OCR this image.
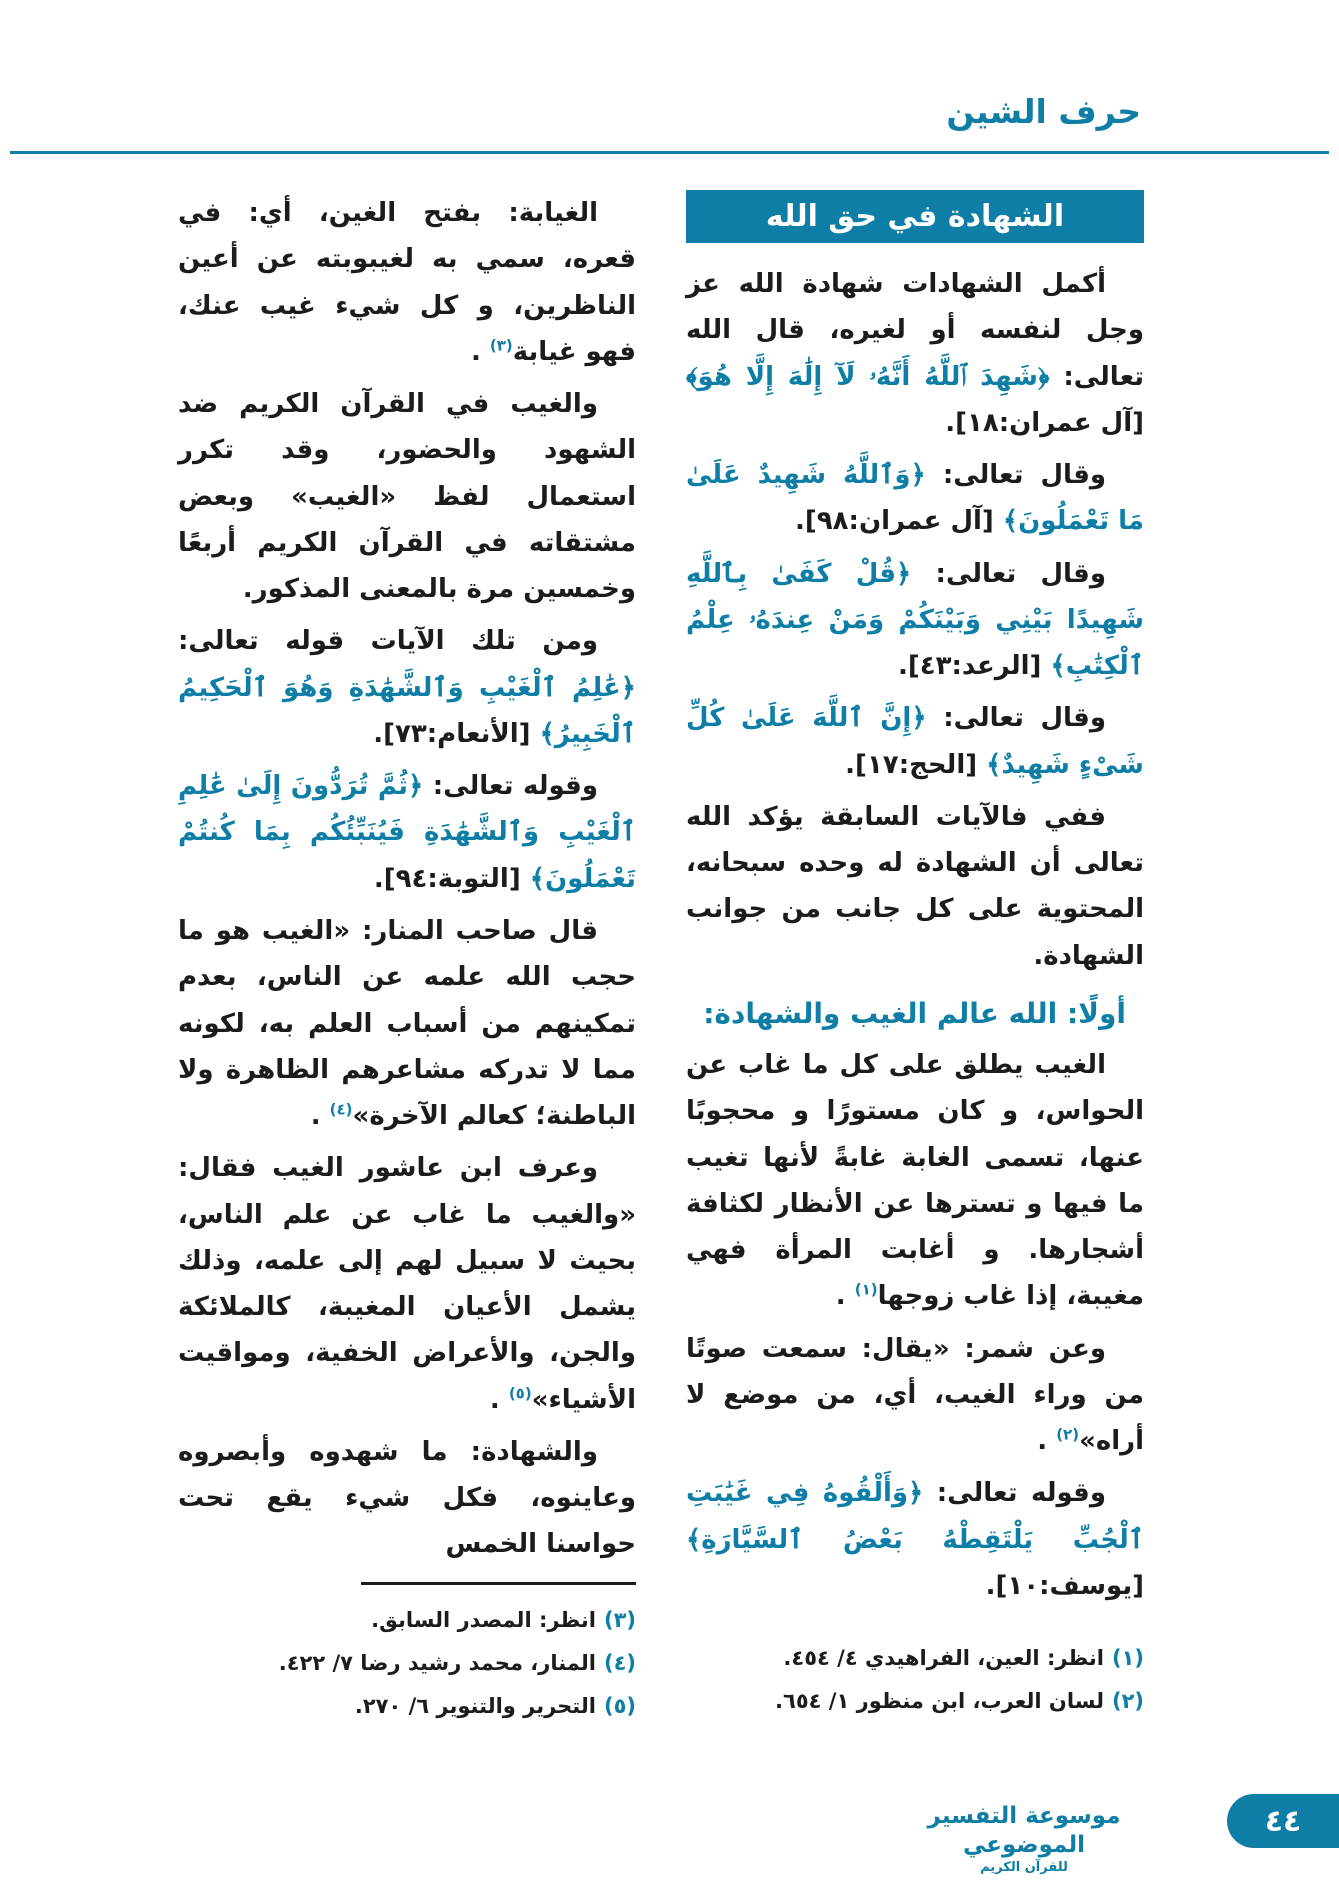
حرف الشين
الشهادة في حق الله

أكمل الشهادات شهادة الله عز وجل لنفسه أو لغيره، قال الله تعالى: ﴿شَهِدَ ٱللَّهُ أَنَّهُۥ لَآ إِلَٰهَ إِلَّا هُوَ﴾ [آل عمران:١٨].

وقال تعالى: ﴿وَٱللَّهُ شَهِيدٌ عَلَىٰ مَا تَعْمَلُونَ﴾ [آل عمران:٩٨].

وقال تعالى: ﴿قُلْ كَفَىٰ بِٱللَّهِ شَهِيدًا بَيْنِي وَبَيْنَكُمْ وَمَنْ عِندَهُۥ عِلْمُ ٱلْكِتَٰبِ﴾ [الرعد:٤٣].

وقال تعالى: ﴿إِنَّ ٱللَّهَ عَلَىٰ كُلِّ شَىْءٍ شَهِيدٌ﴾ [الحج:١٧].

ففي فالآيات السابقة يؤكد الله تعالى أن الشهادة له وحده سبحانه، المحتوية على كل جانب من جوانب الشهادة.

أولًا: الله عالم الغيب والشهادة:

الغيب يطلق على كل ما غاب عن الحواس، و كان مستورًا و محجوبًا عنها، تسمى الغابة غابةً لأنها تغيب ما فيها و تسترها عن الأنظار لكثافة أشجارها. و أغابت المرأة فهي مغيبة، إذا غاب زوجها$^{(١)}$ .

وعن شمر: «يقال: سمعت صوتًا من وراء الغيب، أي، من موضع لا أراه»$^{(٢)}$ .

وقوله تعالى: ﴿وَأَلْقُوهُ فِي غَيَٰبَتِ ٱلْجُبِّ يَلْتَقِطْهُ بَعْضُ ٱلسَّيَّارَةِ﴾ [يوسف:١٠].

(١)انظر: العين، الفراهيدي ٤/ ٤٥٤.
(٢)لسان العرب، ابن منظور ١/ ٦٥٤.

الغيابة: بفتح الغين، أي: في قعره، سمي به لغيبوبته عن أعين الناظرين، و كل شيء غيب عنك، فهو غيابة$^{(٣)}$ .

والغيب في القرآن الكريم ضد الشهود والحضور، وقد تكرر استعمال لفظ «الغيب» وبعض مشتقاته في القرآن الكريم أربعًا وخمسين مرة بالمعنى المذكور.

ومن تلك الآيات قوله تعالى: ﴿عَٰلِمُ ٱلْغَيْبِ وَٱلشَّهَٰدَةِ وَهُوَ ٱلْحَكِيمُ ٱلْخَبِيرُ﴾ [الأنعام:٧٣].

وقوله تعالى: ﴿ثُمَّ تُرَدُّونَ إِلَىٰ عَٰلِمِ ٱلْغَيْبِ وَٱلشَّهَٰدَةِ فَيُنَبِّئُكُم بِمَا كُنتُمْ تَعْمَلُونَ﴾ [التوبة:٩٤].

قال صاحب المنار: «الغيب هو ما حجب الله علمه عن الناس، بعدم تمكينهم من أسباب العلم به، لكونه مما لا تدركه مشاعرهم الظاهرة ولا الباطنة؛ كعالم الآخرة»$^{(٤)}$ .

وعرف ابن عاشور الغيب فقال: «والغيب ما غاب عن علم الناس، بحيث لا سبيل لهم إلى علمه، وذلك يشمل الأعيان المغيبة، كالملائكة والجن، والأعراض الخفية، ومواقيت الأشياء»$^{(٥)}$ .

والشهادة: ما شهدوه وأبصروه وعاينوه، فكل شيء يقع تحت حواسنا الخمس

(٣)انظر: المصدر السابق.
(٤)المنار، محمد رشيد رضا ٧/ ٤٢٢.
(٥)التحرير والتنوير ٦/ ٢٧٠.
موسوعة التفسير الموضوعي
للقرآن الكريم
٤٤
